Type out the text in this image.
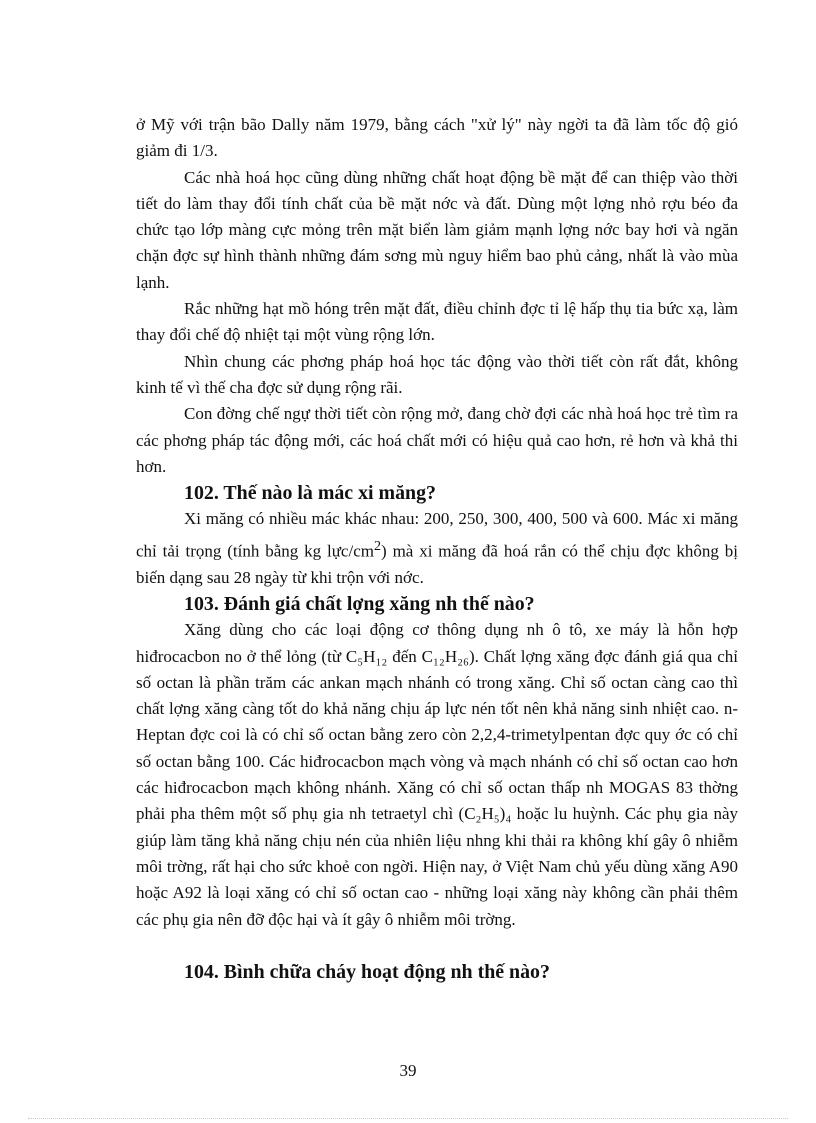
ở Mỹ với trận bão Dally năm 1979, bằng cách "xử lý" này ngời ta đã làm tốc độ gió giảm đi 1/3.

Các nhà hoá học cũng dùng những chất hoạt động bề mặt để can thiệp vào thời tiết do làm thay đổi tính chất của bề mặt nớc và đất. Dùng một lợng nhỏ rợu béo đa chức tạo lớp màng cực mỏng trên mặt biển làm giảm mạnh lợng nớc bay hơi và ngăn chặn đợc sự hình thành những đám sơng mù nguy hiểm bao phủ cảng, nhất là vào mùa lạnh.

Rắc những hạt mồ hóng trên mặt đất, điều chỉnh đợc tỉ lệ hấp thụ tia bức xạ, làm thay đổi chế độ nhiệt tại một vùng rộng lớn.

Nhìn chung các phơng pháp hoá học tác động vào thời tiết còn rất đắt, không kinh tế vì thế cha đợc sử dụng rộng rãi.

Con đờng chế ngự thời tiết còn rộng mở, đang chờ đợi các nhà hoá học trẻ tìm ra các phơng pháp tác động mới, các hoá chất mới có hiệu quả cao hơn, rẻ hơn và khả thi hơn.

102. Thế nào là mác xi măng?

Xi măng có nhiều mác khác nhau: 200, 250, 300, 400, 500 và 600. Mác xi măng chỉ tải trọng (tính bằng kg lực/$cm^2$) mà xi măng đã hoá rắn có thể chịu đợc không bị biến dạng sau 28 ngày từ khi trộn với nớc.

103. Đánh giá chất lợng xăng nh thế nào?

Xăng dùng cho các loại động cơ thông dụng nh ô tô, xe máy là hỗn hợp hiđrocacbon no ở thể lỏng (từ C₅H₁₂ đến C₁₂H₂₆). Chất lợng xăng đợc đánh giá qua chỉ số octan là phần trăm các ankan mạch nhánh có trong xăng. Chỉ số octan càng cao thì chất lợng xăng càng tốt do khả năng chịu áp lực nén tốt nên khả năng sinh nhiệt cao. n-Heptan đợc coi là có chỉ số octan bằng zero còn 2,2,4-trimetylpentan đợc quy ớc có chỉ số octan bằng 100. Các hiđrocacbon mạch vòng và mạch nhánh có chỉ số octan cao hơn các hiđrocacbon mạch không nhánh. Xăng có chỉ số octan thấp nh MOGAS 83 thờng phải pha thêm một số phụ gia nh tetraetyl chì (C₂H₅)₄ hoặc lu huỳnh. Các phụ gia này giúp làm tăng khả năng chịu nén của nhiên liệu nhng khi thải ra không khí gây ô nhiễm môi trờng, rất hại cho sức khoẻ con ngời. Hiện nay, ở Việt Nam chủ yếu dùng xăng A90 hoặc A92 là loại xăng có chỉ số octan cao - những loại xăng này không cần phải thêm các phụ gia nên đỡ độc hại và ít gây ô nhiễm môi trờng.

104. Bình chữa cháy hoạt động nh thế nào?
39
